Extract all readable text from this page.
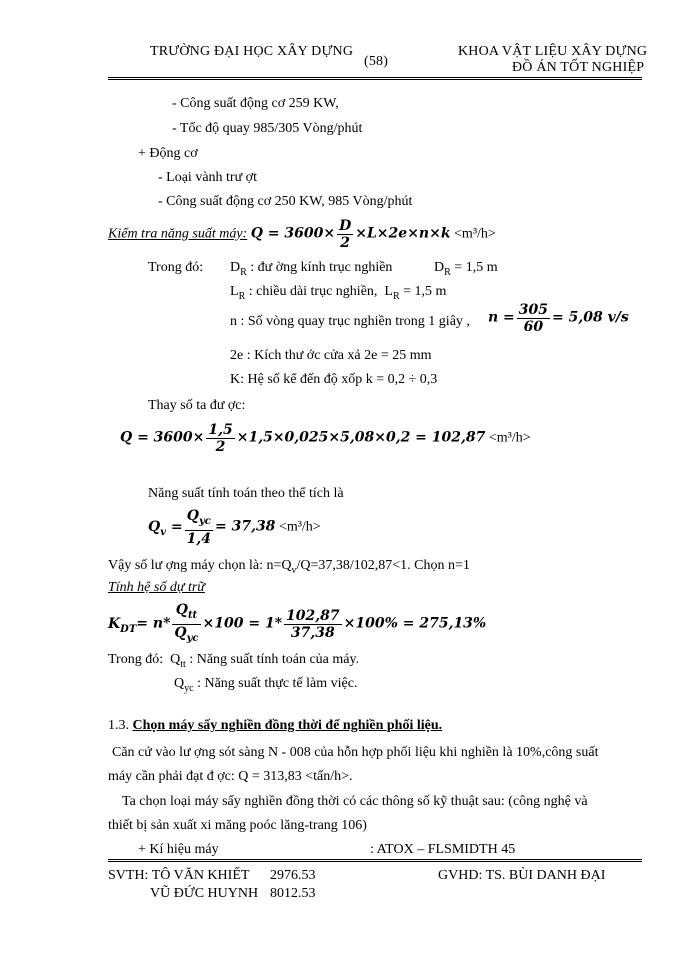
TRƯỜNG ĐẠI HỌC XÂY DỰNG
(58)
KHOA VẬT LIỆU XÂY DỰNG
ĐỒ ÁN TỐT NGHIỆP
- Công suất động cơ 259 KW,
- Tốc độ quay 985/305 Vòng/phút
+ Động cơ
- Loại vành trư ợt
- Công suất động cơ 250 KW, 985 Vòng/phút
Kiểm tra năng suất máy: $Q = 3600\times \frac{D}{2} \times L\times 2e\times n\times k <m^3/h>$
Trong đó: $D_R$ : đư ờng kính trục nghiền	$D_R = 1,5$ m
$L_R$ : chiều dài trục nghiền,  $L_R = 1,5$ m
n : Số vòng quay trục nghiền trong 1 giây , $n = \frac{305}{60} = 5,08$ v/s
2e : Kích thư ớc cửa xả 2e = 25 mm
K: Hệ số kể đến độ xốp k = 0,2 ÷ 0,3
Thay số ta đư ợc:
$Q = 3600\times \frac{1,5}{2} \times 1,5\times 0,025\times 5,08\times 0,2 = 102,87 <m^3/h>$
Năng suất tính toán theo thể tích là
$Q_v = \frac{Q_{yc}}{1,4} = 37,38 <m^3/h>$
Vậy số lư ợng máy chọn là: $n=Q_v/Q=37,38/102,87<1$. Chọn n=1
Tính hệ số dự trữ
$K_{DT}= n* \frac{Q_{tt}}{Q_{yc}} \times 100 = 1* \frac{102,87}{37,38} \times 100\% = 275,13\%$
Trong đó:  $Q_{tt}$ : Năng suất tính toán của máy.
$Q_{yc}$ : Năng suất thực tế làm việc.
1.3. Chọn máy sấy nghiền đồng thời để nghiền phối liệu.
Căn cứ vào lư ợng sót sàng N - 008 của hỗn hợp phối liệu khi nghiền là 10%,công suất
máy cần phải đạt đ ợc: Q = 313,83 <tấn/h>.
Ta chọn loại máy sấy nghiền đồng thời có các thông số kỹ thuật sau: (công nghệ và
thiết bị sản xuất xi măng poóc lăng-trang 106)
+ Kí hiệu máy	: ATOX – FLSMIDTH 45
SVTH: TÔ VĂN KHIẾT 2976.53	GVHD: TS. BÙI DANH ĐẠI
VŨ ĐỨC HUYNH 8012.53
